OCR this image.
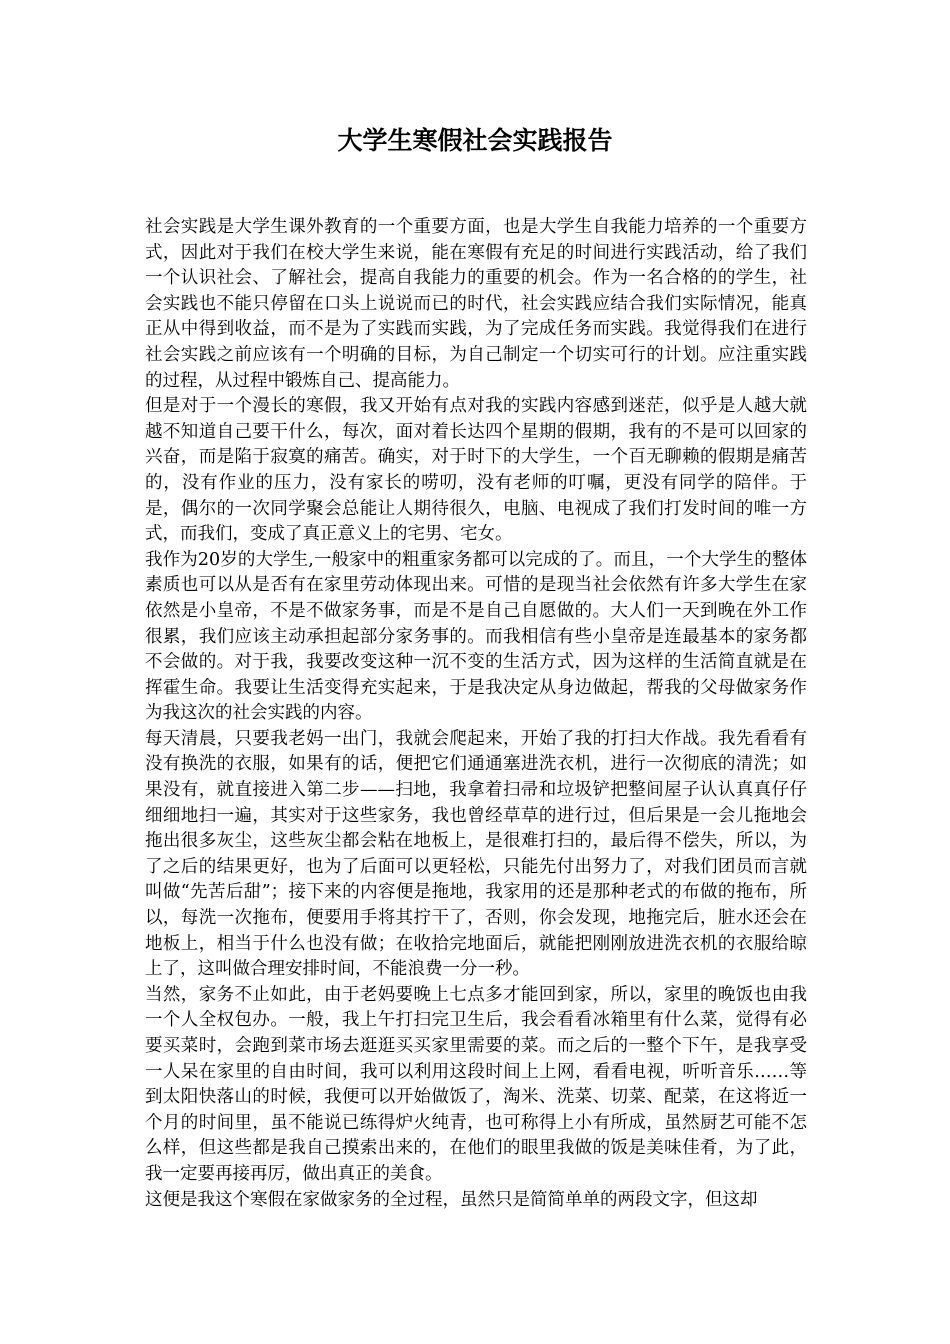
大学生寒假社会实践报告

社会实践是大学生课外教育的一个重要方面，也是大学生自我能力培养的一个重要方式，因此对于我们在校大学生来说，能在寒假有充足的时间进行实践活动，给了我们一个认识社会、了解社会，提高自我能力的重要的机会。作为一名合格的的学生，社会实践也不能只停留在口头上说说而已的时代，社会实践应结合我们实际情况，能真正从中得到收益，而不是为了实践而实践，为了完成任务而实践。我觉得我们在进行社会实践之前应该有一个明确的目标，为自己制定一个切实可行的计划。应注重实践的过程，从过程中锻炼自己、提高能力。

但是对于一个漫长的寒假，我又开始有点对我的实践内容感到迷茫，似乎是人越大就越不知道自己要干什么，每次，面对着长达四个星期的假期，我有的不是可以回家的兴奋，而是陷于寂寞的痛苦。确实，对于时下的大学生，一个百无聊赖的假期是痛苦的，没有作业的压力，没有家长的唠叨，没有老师的叮嘱，更没有同学的陪伴。于是，偶尔的一次同学聚会总能让人期待很久，电脑、电视成了我们打发时间的唯一方式，而我们，变成了真正意义上的宅男、宅女。

我作为20岁的大学生,一般家中的粗重家务都可以完成的了。而且，一个大学生的整体素质也可以从是否有在家里劳动体现出来。可惜的是现当社会依然有许多大学生在家依然是小皇帝，不是不做家务事，而是不是自己自愿做的。大人们一天到晚在外工作很累，我们应该主动承担起部分家务事的。而我相信有些小皇帝是连最基本的家务都不会做的。对于我，我要改变这种一沉不变的生活方式，因为这样的生活简直就是在挥霍生命。我要让生活变得充实起来，于是我决定从身边做起，帮我的父母做家务作为我这次的社会实践的内容。

每天清晨，只要我老妈一出门，我就会爬起来，开始了我的打扫大作战。我先看看有没有换洗的衣服，如果有的话，便把它们通通塞进洗衣机，进行一次彻底的清洗；如果没有，就直接进入第二步——扫地，我拿着扫帚和垃圾铲把整间屋子认认真真仔仔细细地扫一遍，其实对于这些家务，我也曾经草草的进行过，但后果是一会儿拖地会拖出很多灰尘，这些灰尘都会粘在地板上，是很难打扫的，最后得不偿失，所以，为了之后的结果更好，也为了后面可以更轻松，只能先付出努力了，对我们团员而言就叫做“先苦后甜”；接下来的内容便是拖地，我家用的还是那种老式的布做的拖布，所以，每洗一次拖布，便要用手将其拧干了，否则，你会发现，地拖完后，脏水还会在地板上，相当于什么也没有做；在收拾完地面后，就能把刚刚放进洗衣机的衣服给晾上了，这叫做合理安排时间，不能浪费一分一秒。

当然，家务不止如此，由于老妈要晚上七点多才能回到家，所以，家里的晚饭也由我一个人全权包办。一般，我上午打扫完卫生后，我会看看冰箱里有什么菜，觉得有必要买菜时，会跑到菜市场去逛逛买买家里需要的菜。而之后的一整个下午，是我享受一人呆在家里的自由时间，我可以利用这段时间上上网，看看电视，听听音乐……等到太阳快落山的时候，我便可以开始做饭了，淘米、洗菜、切菜、配菜，在这将近一个月的时间里，虽不能说已练得炉火纯青，也可称得上小有所成，虽然厨艺可能不怎么样，但这些都是我自己摸索出来的，在他们的眼里我做的饭是美味佳肴，为了此，我一定要再接再厉，做出真正的美食。

这便是我这个寒假在家做家务的全过程，虽然只是简简单单的两段文字，但这却
